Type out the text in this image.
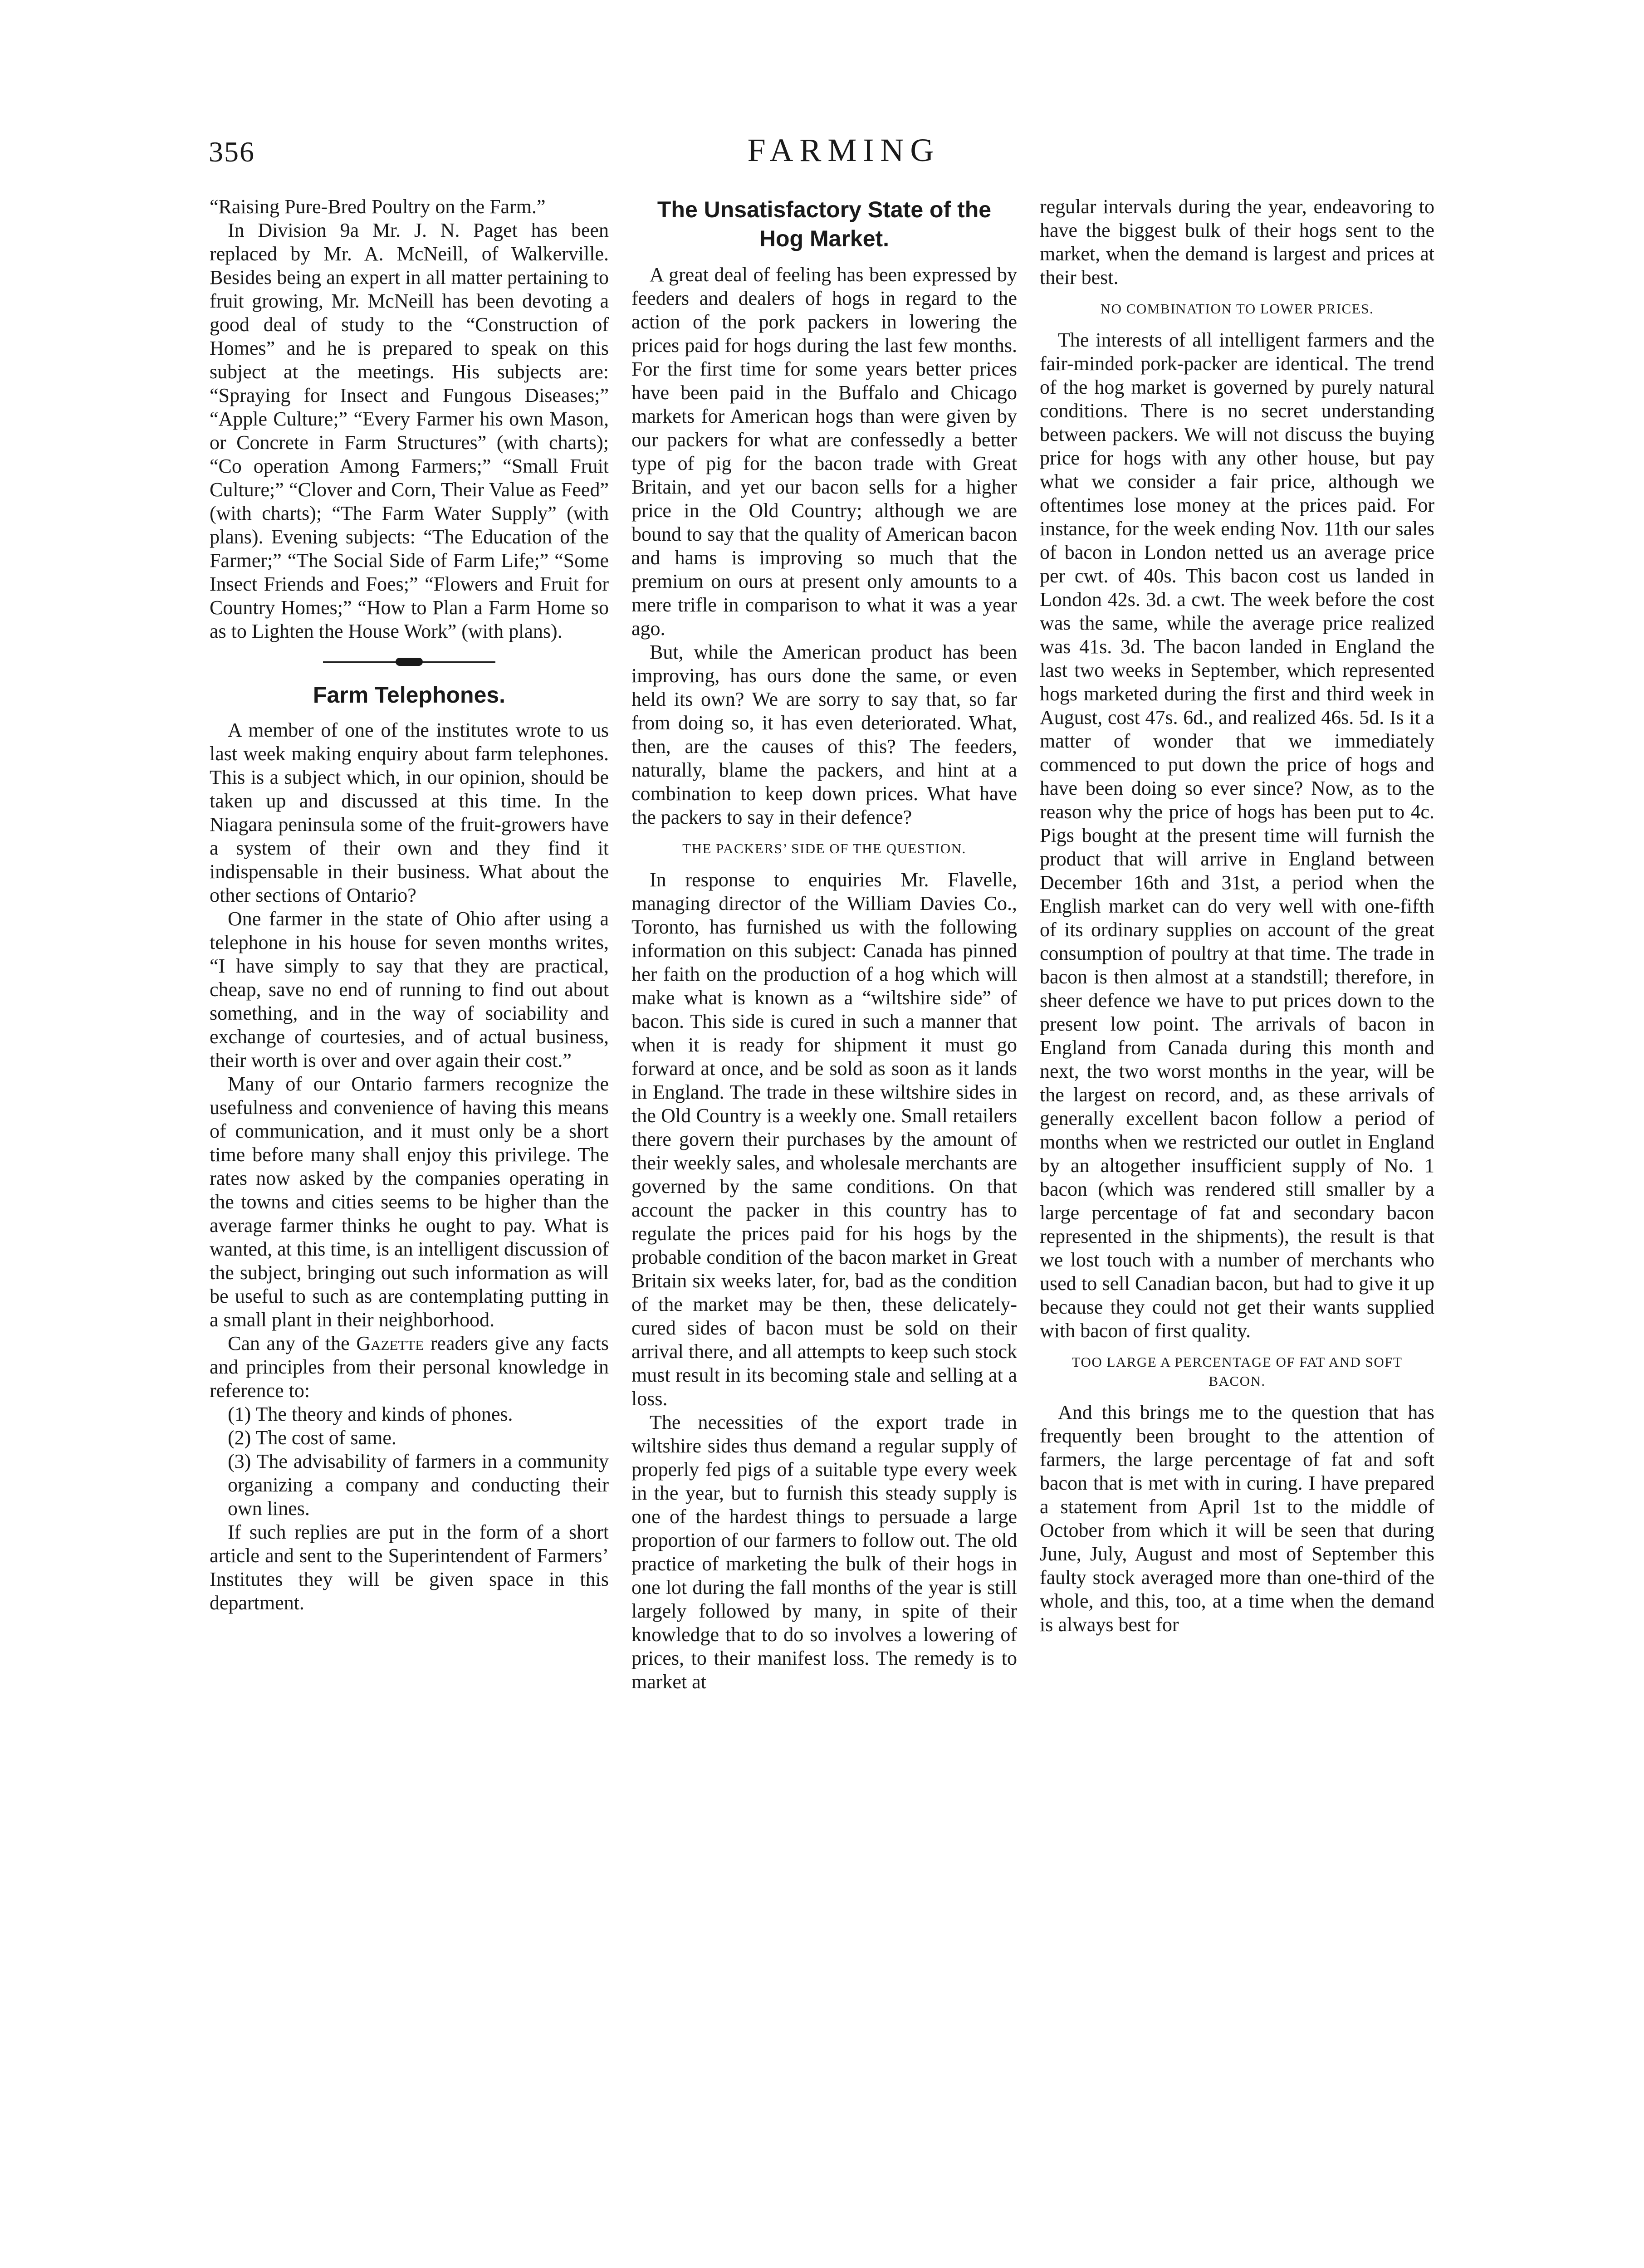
356	FARMING

“Raising Pure-Bred Poultry on the Farm.”

In Division 9a Mr. J. N. Paget has been replaced by Mr. A. McNeill, of Walkerville. Besides being an expert in all matter pertaining to fruit growing, Mr. McNeill has been devoting a good deal of study to the “Construction of Homes” and he is prepared to speak on this subject at the meetings. His subjects are: “Spraying for Insect and Fungous Diseases;” “Apple Culture;” “Every Farmer his own Mason, or Concrete in Farm Structures” (with charts); “Co operation Among Farmers;” “Small Fruit Culture;” “Clover and Corn, Their Value as Feed” (with charts); “The Farm Water Supply” (with plans). Evening subjects: “The Education of the Farmer;” “The Social Side of Farm Life;” “Some Insect Friends and Foes;” “Flowers and Fruit for Country Homes;” “How to Plan a Farm Home so as to Lighten the House Work” (with plans).

Farm Telephones.

A member of one of the institutes wrote to us last week making enquiry about farm telephones. This is a subject which, in our opinion, should be taken up and discussed at this time. In the Niagara peninsula some of the fruit-growers have a system of their own and they find it indispensable in their business. What about the other sections of Ontario?

One farmer in the state of Ohio after using a telephone in his house for seven months writes, “I have simply to say that they are practical, cheap, save no end of running to find out about something, and in the way of sociability and exchange of courtesies, and of actual business, their worth is over and over again their cost.”

Many of our Ontario farmers recognize the usefulness and convenience of having this means of communication, and it must only be a short time before many shall enjoy this privilege. The rates now asked by the companies operating in the towns and cities seems to be higher than the average farmer thinks he ought to pay. What is wanted, at this time, is an intelligent discussion of the subject, bringing out such information as will be useful to such as are contemplating putting in a small plant in their neighborhood.

Can any of the Gazette readers give any facts and principles from their personal knowledge in reference to:

(1) The theory and kinds of phones.

(2) The cost of same.

(3) The advisability of farmers in a community organizing a company and conducting their own lines.

If such replies are put in the form of a short article and sent to the Superintendent of Farmers’ Institutes they will be given space in this department.

The Unsatisfactory State of the Hog Market.

A great deal of feeling has been expressed by feeders and dealers of hogs in regard to the action of the pork packers in lowering the prices paid for hogs during the last few months. For the first time for some years better prices have been paid in the Buffalo and Chicago markets for American hogs than were given by our packers for what are confessedly a better type of pig for the bacon trade with Great Britain, and yet our bacon sells for a higher price in the Old Country; although we are bound to say that the quality of American bacon and hams is improving so much that the premium on ours at present only amounts to a mere trifle in comparison to what it was a year ago.

But, while the American product has been improving, has ours done the same, or even held its own? We are sorry to say that, so far from doing so, it has even deteriorated. What, then, are the causes of this? The feeders, naturally, blame the packers, and hint at a combination to keep down prices. What have the packers to say in their defence?

THE PACKERS’ SIDE OF THE QUESTION.

In response to enquiries Mr. Flavelle, managing director of the William Davies Co., Toronto, has furnished us with the following information on this subject: Canada has pinned her faith on the production of a hog which will make what is known as a “wiltshire side” of bacon. This side is cured in such a manner that when it is ready for shipment it must go forward at once, and be sold as soon as it lands in England. The trade in these wiltshire sides in the Old Country is a weekly one. Small retailers there govern their purchases by the amount of their weekly sales, and wholesale merchants are governed by the same conditions. On that account the packer in this country has to regulate the prices paid for his hogs by the probable condition of the bacon market in Great Britain six weeks later, for, bad as the condition of the market may be then, these delicately-cured sides of bacon must be sold on their arrival there, and all attempts to keep such stock must result in its becoming stale and selling at a loss.

The necessities of the export trade in wiltshire sides thus demand a regular supply of properly fed pigs of a suitable type every week in the year, but to furnish this steady supply is one of the hardest things to persuade a large proportion of our farmers to follow out. The old practice of marketing the bulk of their hogs in one lot during the fall months of the year is still largely followed by many, in spite of their knowledge that to do so involves a lowering of prices, to their manifest loss. The remedy is to market at

regular intervals during the year, endeavoring to have the biggest bulk of their hogs sent to the market, when the demand is largest and prices at their best.

NO COMBINATION TO LOWER PRICES.

The interests of all intelligent farmers and the fair-minded pork-packer are identical. The trend of the hog market is governed by purely natural conditions. There is no secret understanding between packers. We will not discuss the buying price for hogs with any other house, but pay what we consider a fair price, although we oftentimes lose money at the prices paid. For instance, for the week ending Nov. 11th our sales of bacon in London netted us an average price per cwt. of 40s. This bacon cost us landed in London 42s. 3d. a cwt. The week before the cost was the same, while the average price realized was 41s. 3d. The bacon landed in England the last two weeks in September, which represented hogs marketed during the first and third week in August, cost 47s. 6d., and realized 46s. 5d. Is it a matter of wonder that we immediately commenced to put down the price of hogs and have been doing so ever since? Now, as to the reason why the price of hogs has been put to 4c. Pigs bought at the present time will furnish the product that will arrive in England between December 16th and 31st, a period when the English market can do very well with one-fifth of its ordinary supplies on account of the great consumption of poultry at that time. The trade in bacon is then almost at a standstill; therefore, in sheer defence we have to put prices down to the present low point. The arrivals of bacon in England from Canada during this month and next, the two worst months in the year, will be the largest on record, and, as these arrivals of generally excellent bacon follow a period of months when we restricted our outlet in England by an altogether insufficient supply of No. 1 bacon (which was rendered still smaller by a large percentage of fat and secondary bacon represented in the shipments), the result is that we lost touch with a number of merchants who used to sell Canadian bacon, but had to give it up because they could not get their wants supplied with bacon of first quality.

TOO LARGE A PERCENTAGE OF FAT AND SOFT BACON.

And this brings me to the question that has frequently been brought to the attention of farmers, the large percentage of fat and soft bacon that is met with in curing. I have prepared a statement from April 1st to the middle of October from which it will be seen that during June, July, August and most of September this faulty stock averaged more than one-third of the whole, and this, too, at a time when the demand is always best for
